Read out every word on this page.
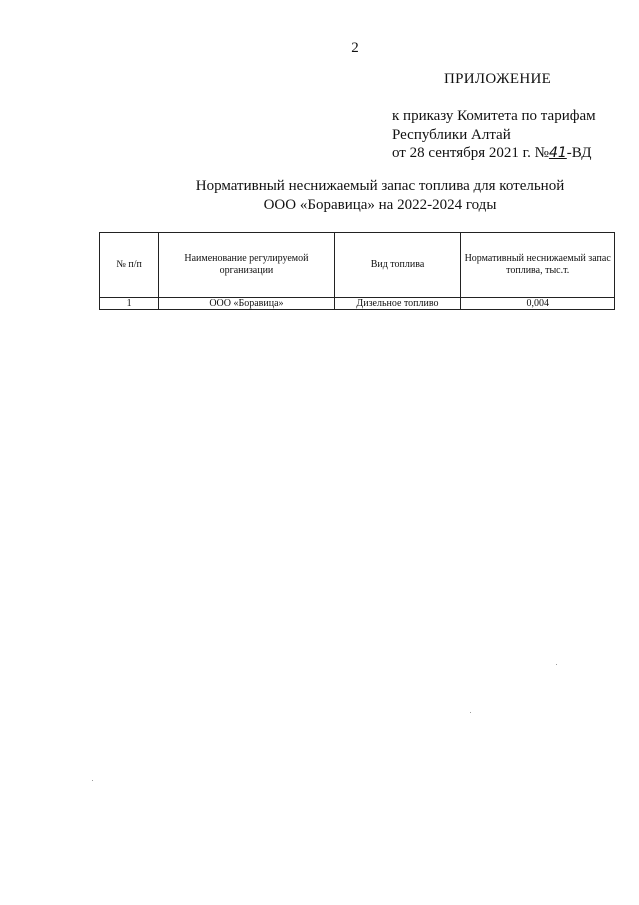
2
ПРИЛОЖЕНИЕ
к приказу Комитета по тарифам
Республики Алтай
от 28 сентября 2021 г. №41-ВД
Нормативный неснижаемый запас топлива для котельной
ООО «Боравица» на 2022-2024 годы
№ п/п	Наименование регулируемой организации	Вид топлива	Нормативный неснижаемый запас топлива, тыс.т.
1	ООО «Боравица»	Дизельное топливо	0,004
